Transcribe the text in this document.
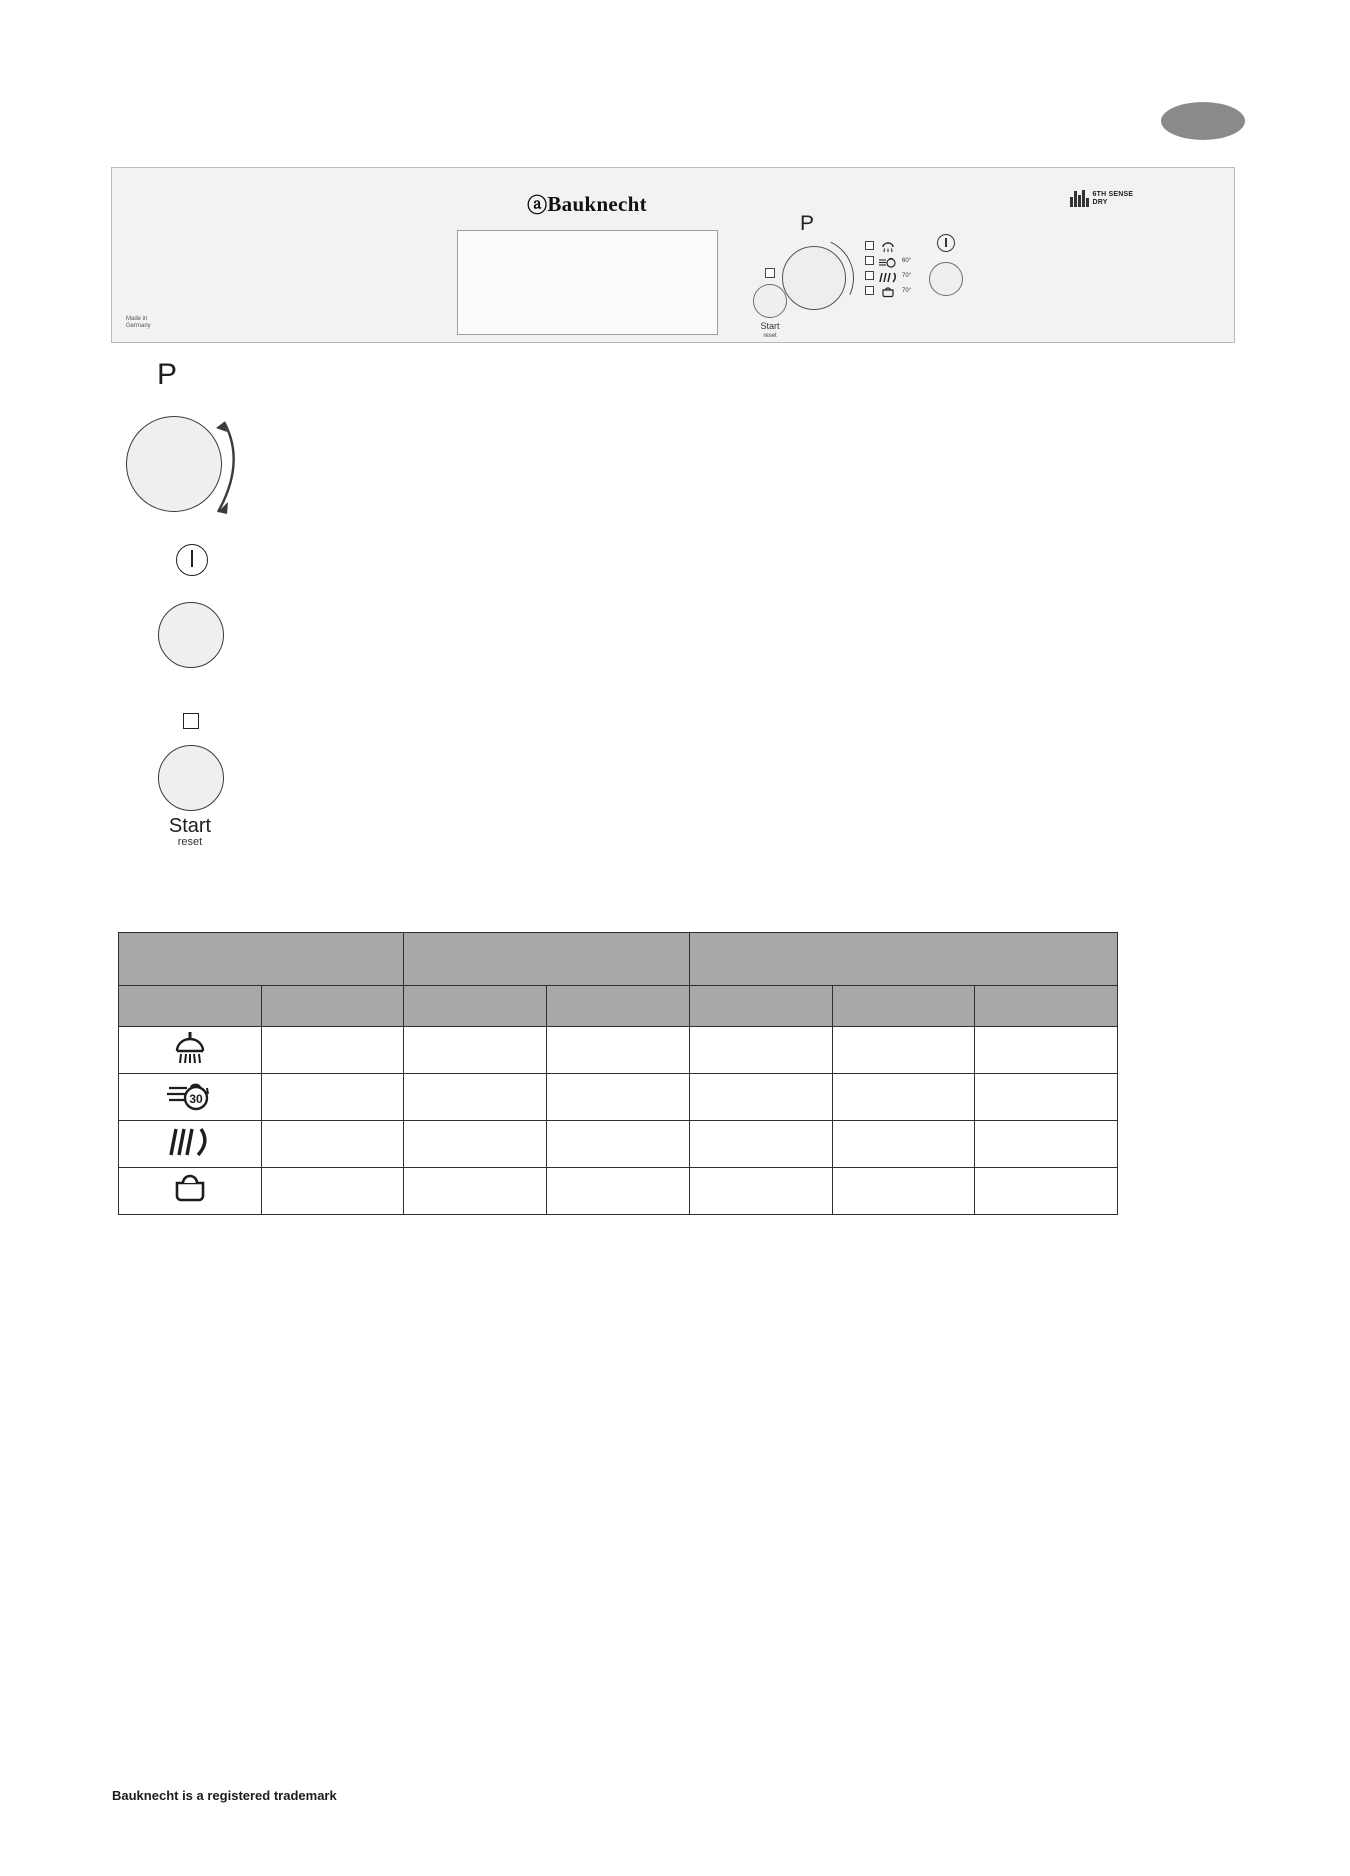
ⓐBauknecht	6TH SENSE
DRY
Made in
Germany	Start
reset
P
60°
70°
70°
P
Start
reset

30						

Bauknecht is a registered trademark
